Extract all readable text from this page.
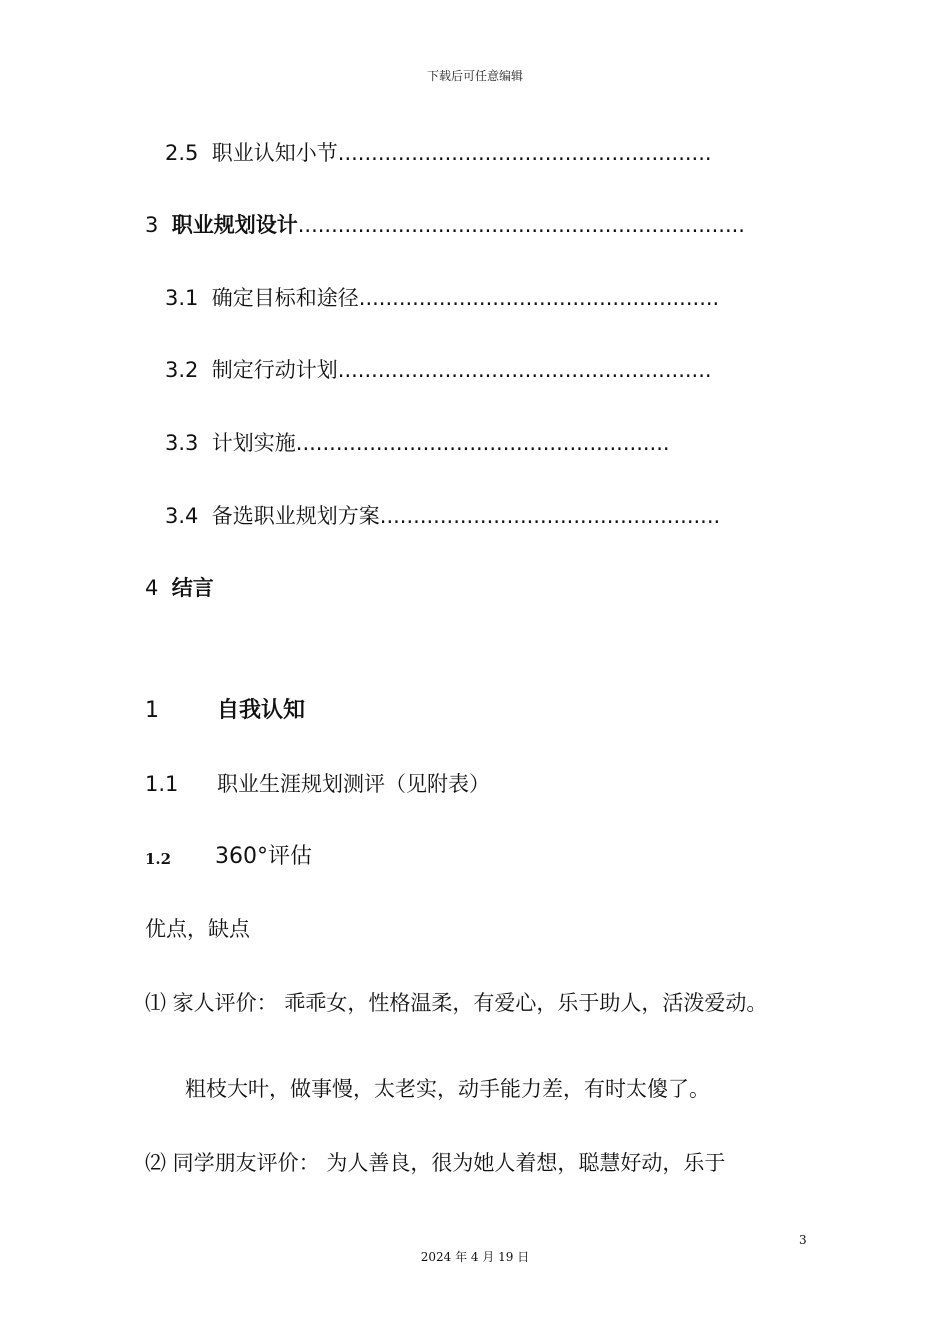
下载后可任意编辑
2.5 职业认知小节........................................................
3 职业规划设计...................................................................
3.1 确定目标和途径......................................................
3.2 制定行动计划........................................................
3.3 计划实施........................................................
3.4 备选职业规划方案...................................................
4 结言
1	自我认知
1.1 职业生涯规划测评（见附表）
1.2 360°评估
优点，缺点
⑴ 家人评价： 乖乖女，性格温柔，有爱心，乐于助人，活泼爱动。
粗枝大叶，做事慢，太老实，动手能力差，有时太傻了。
⑵ 同学朋友评价： 为人善良，很为她人着想，聪慧好动，乐于
3
2024 年 4 月 19 日
